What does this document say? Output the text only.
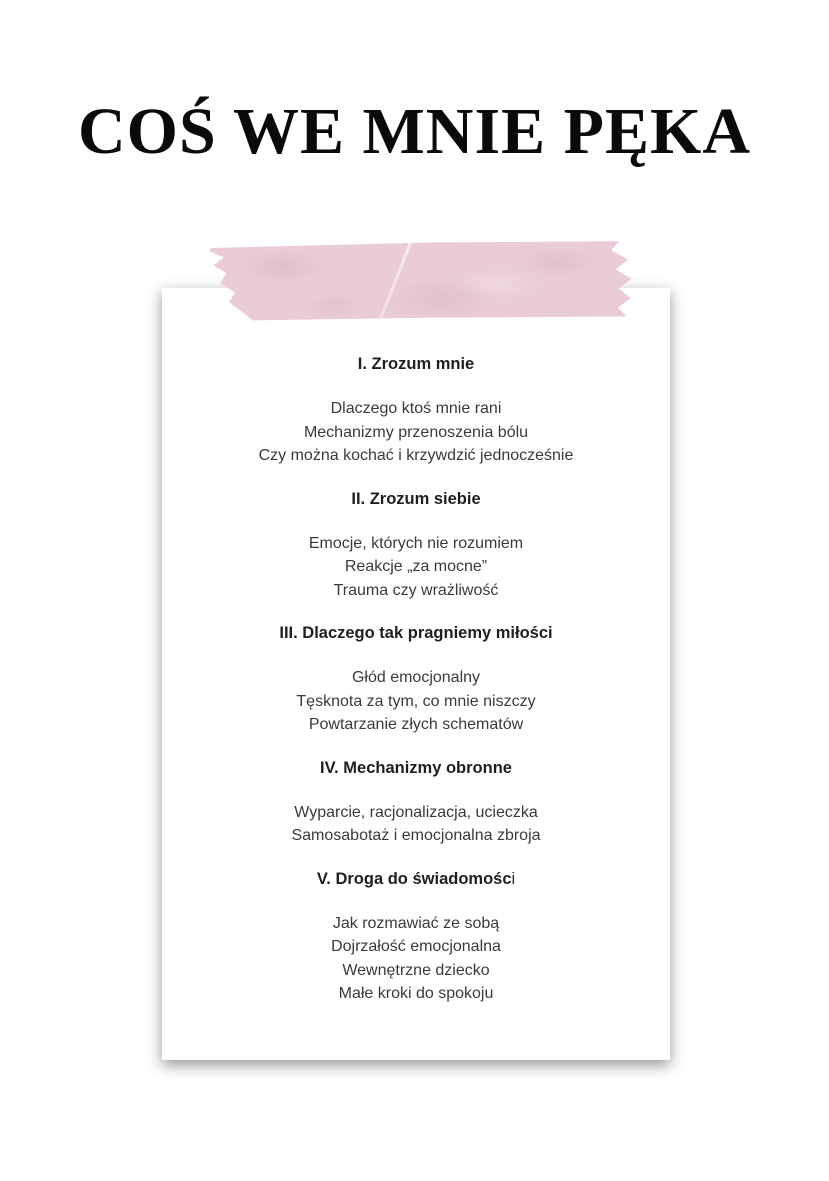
COŚ WE MNIE PĘKA
I. Zrozum mnie
Dlaczego ktoś mnie rani
Mechanizmy przenoszenia bólu
Czy można kochać i krzywdzić jednocześnie
II. Zrozum siebie
Emocje, których nie rozumiem
Reakcje „za mocne”
Trauma czy wrażliwość
III. Dlaczego tak pragniemy miłości
Głód emocjonalny
Tęsknota za tym, co mnie niszczy
Powtarzanie złych schematów
IV. Mechanizmy obronne
Wyparcie, racjonalizacja, ucieczka
Samosabotaż i emocjonalna zbroja
V. Droga do świadomości
Jak rozmawiać ze sobą
Dojrzałość emocjonalna
Wewnętrzne dziecko
Małe kroki do spokoju
